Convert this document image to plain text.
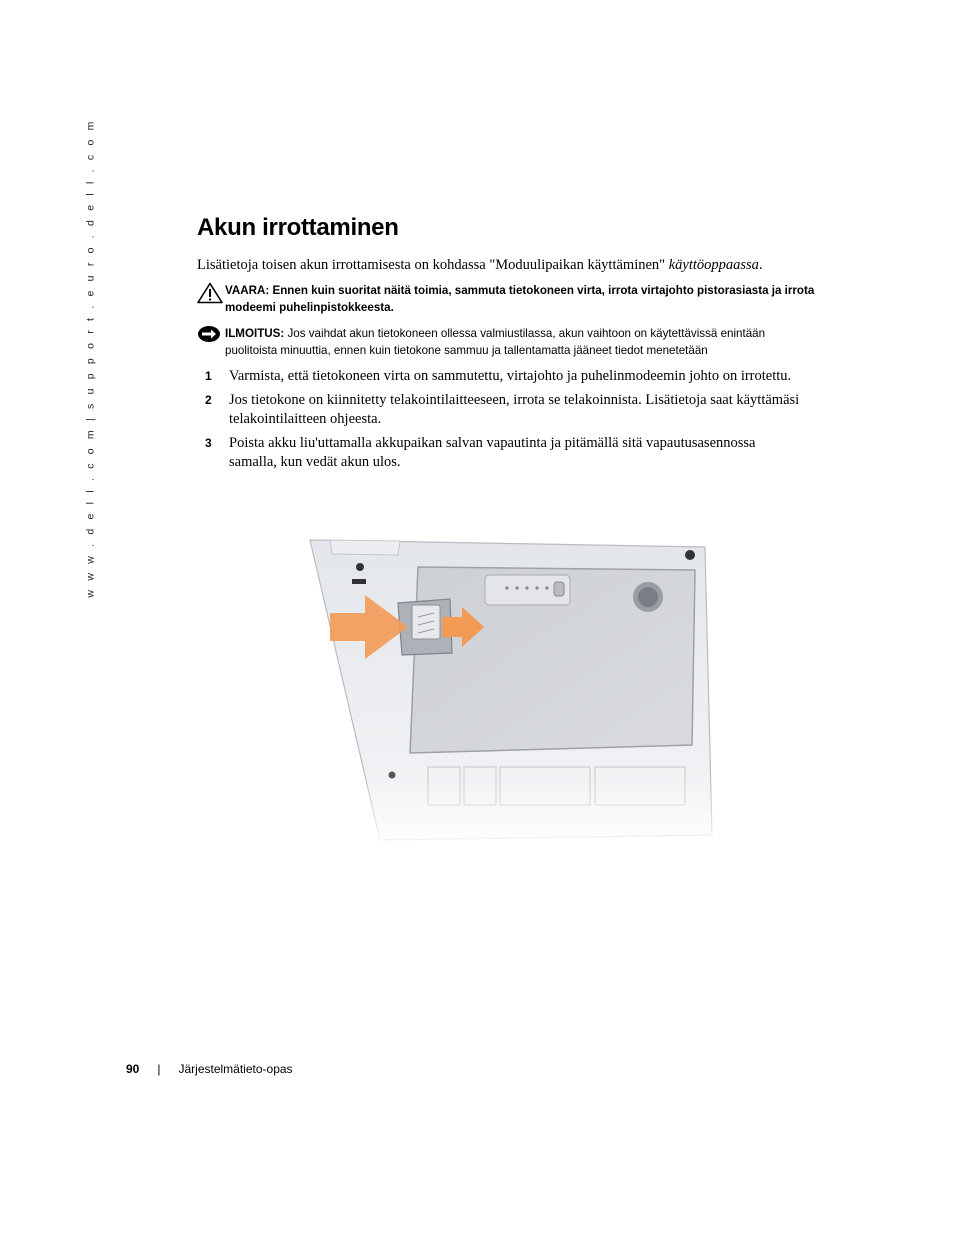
w w w . d e l l . c o m | s u p p o r t . e u r o . d e l l . c o m	Akun irrottaminen

Lisätietoja toisen akun irrottamisesta on kohdassa "Moduulipaikan käyttäminen" käyttöoppaassa.

VAARA: Ennen kuin suoritat näitä toimia, sammuta tietokoneen virta, irrota virtajohto pistorasiasta ja irrota modeemi puhelinpistokkeesta.
ILMOITUS: Jos vaihdat akun tietokoneen ollessa valmiustilassa, akun vaihtoon on käytettävissä enintään puolitoista minuuttia, ennen kuin tietokone sammuu ja tallentamatta jääneet tiedot menetetään
1	Varmista, että tietokoneen virta on sammutettu, virtajohto ja puhelinmodeemin johto on irrotettu.
2	Jos tietokone on kiinnitetty telakointilaitteeseen, irrota se telakoinnista. Lisätietoja saat käyttämäsi telakointilaitteen ohjeesta.
3	Poista akku liu'uttamalla akkupaikan salvan vapautinta ja pitämällä sitä vapautusasennossa samalla, kun vedät akun ulos.
90 | Järjestelmätieto-opas
